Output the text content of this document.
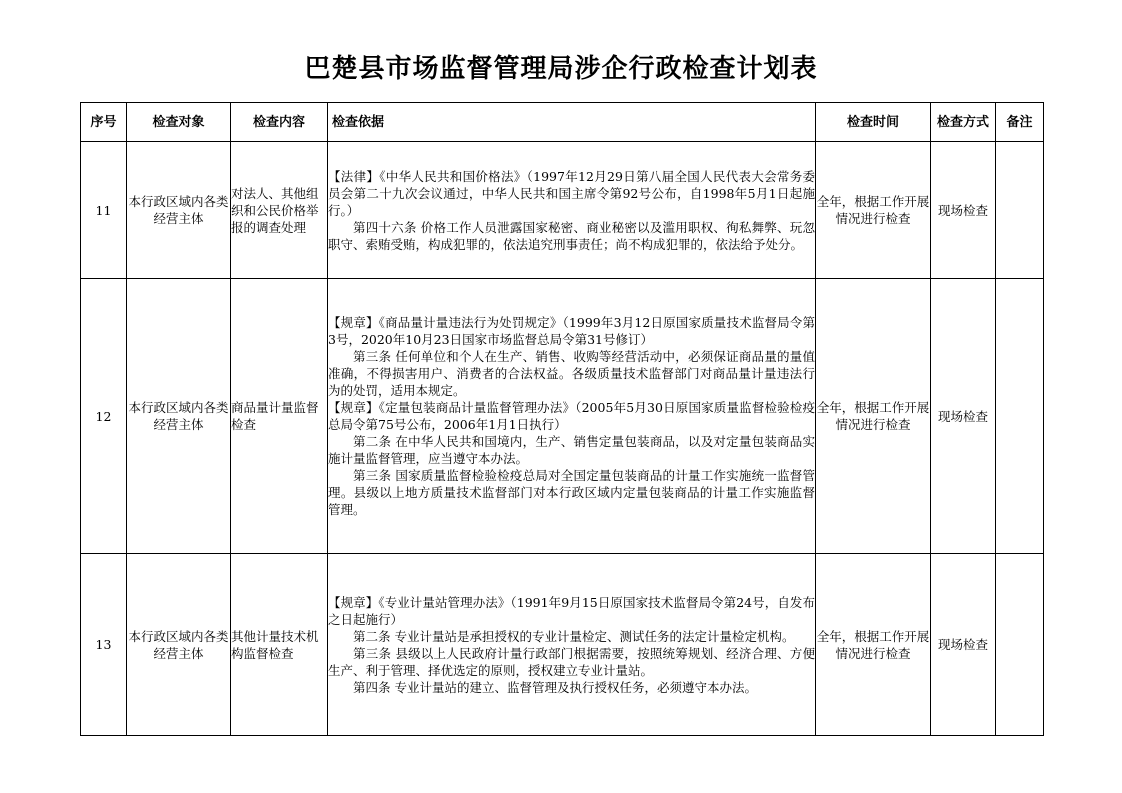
巴楚县市场监督管理局涉企行政检查计划表
序号	检查对象	检查内容	检查依据	检查时间	检查方式	备注
11	本行政区域内各类经营主体	对法人、其他组织和公民价格举报的调查处理	【法律】《中华人民共和国价格法》（1997年12月29日第八届全国人民代表大会常务委员会第二十九次会议通过，中华人民共和国主席令第92号公布，自1998年5月1日起施行。）

第四十六条 价格工作人员泄露国家秘密、商业秘密以及滥用职权、徇私舞弊、玩忽职守、索贿受贿，构成犯罪的，依法追究刑事责任；尚不构成犯罪的，依法给予处分。	全年，根据工作开展情况进行检查	现场检查	
12	本行政区域内各类经营主体	商品量计量监督检查	【规章】《商品量计量违法行为处罚规定》（1999年3月12日原国家质量技术监督局令第3号，2020年10月23日国家市场监督总局令第31号修订）

第三条 任何单位和个人在生产、销售、收购等经营活动中，必须保证商品量的量值准确，不得损害用户、消费者的合法权益。各级质量技术监督部门对商品量计量违法行为的处罚，适用本规定。

【规章】《定量包装商品计量监督管理办法》（2005年5月30日原国家质量监督检验检疫总局令第75号公布，2006年1月1日执行）

第二条 在中华人民共和国境内，生产、销售定量包装商品，以及对定量包装商品实施计量监督管理，应当遵守本办法。

第三条 国家质量监督检验检疫总局对全国定量包装商品的计量工作实施统一监督管理。县级以上地方质量技术监督部门对本行政区域内定量包装商品的计量工作实施监督管理。	全年，根据工作开展情况进行检查	现场检查	
13	本行政区域内各类经营主体	其他计量技术机构监督检查	【规章】《专业计量站管理办法》（1991年9月15日原国家技术监督局令第24号，自发布之日起施行）

第二条 专业计量站是承担授权的专业计量检定、测试任务的法定计量检定机构。

第三条 县级以上人民政府计量行政部门根据需要，按照统筹规划、经济合理、方便生产、利于管理、择优选定的原则，授权建立专业计量站。

第四条 专业计量站的建立、监督管理及执行授权任务，必须遵守本办法。	全年，根据工作开展情况进行检查	现场检查	
